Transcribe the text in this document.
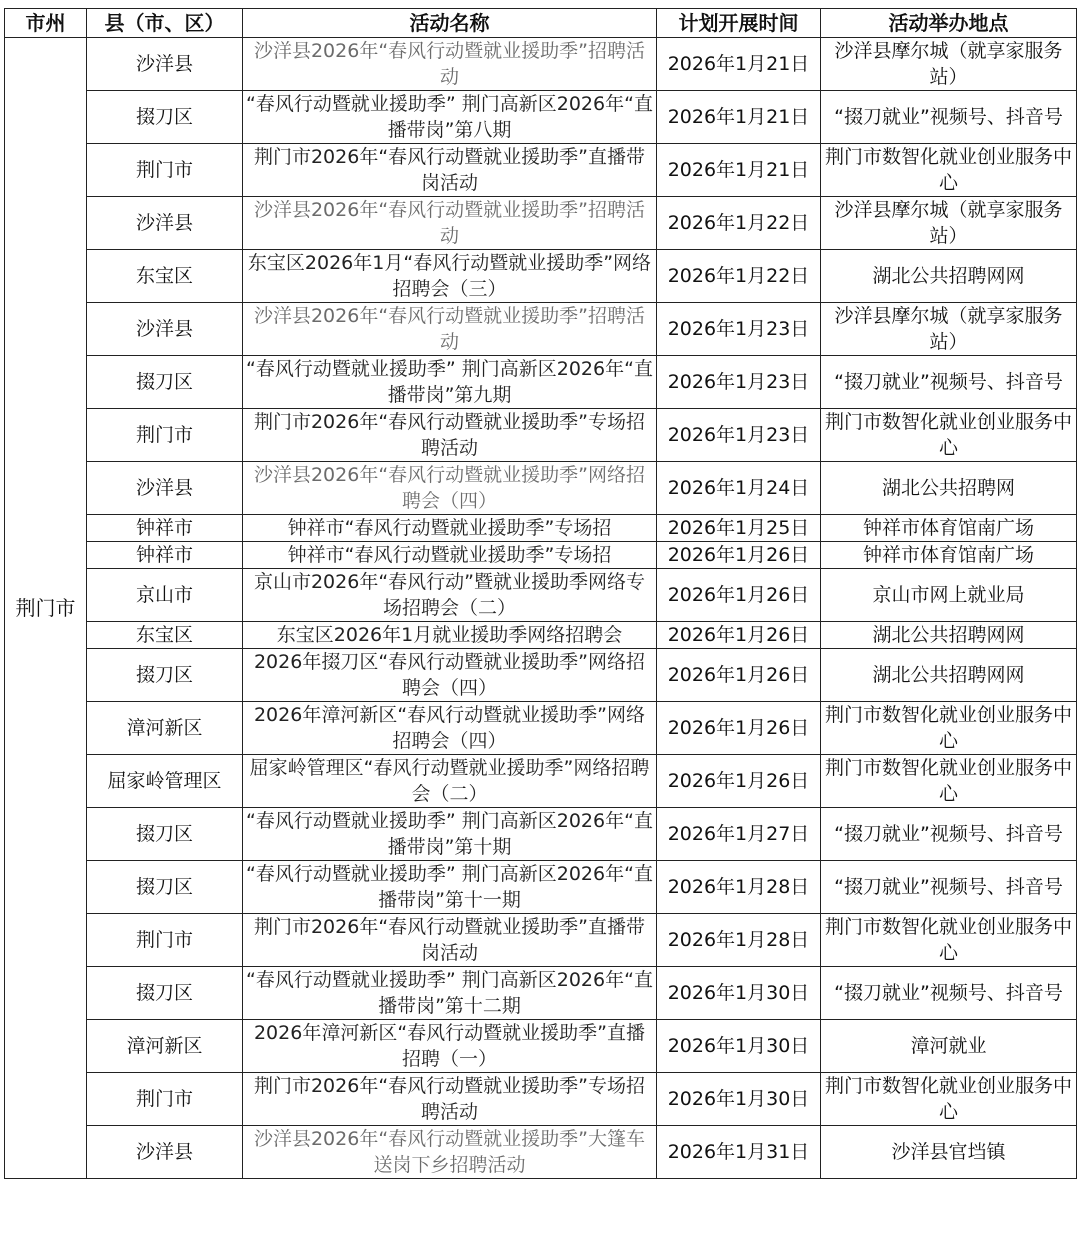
市州	县（市、区）	活动名称	计划开展时间	活动举办地点
荆门市	沙洋县	沙洋县2026年“春风行动暨就业援助季”招聘活动	2026年1月21日	沙洋县摩尔城（就享家服务站）
	掇刀区	“春风行动暨就业援助季” 荆门高新区2026年“直播带岗”第八期	2026年1月21日	“掇刀就业”视频号、抖音号
	荆门市	荆门市2026年“春风行动暨就业援助季”直播带岗活动	2026年1月21日	荆门市数智化就业创业服务中心
	沙洋县	沙洋县2026年“春风行动暨就业援助季”招聘活动	2026年1月22日	沙洋县摩尔城（就享家服务站）
	东宝区	东宝区2026年1月“春风行动暨就业援助季”网络招聘会（三）	2026年1月22日	湖北公共招聘网网
	沙洋县	沙洋县2026年“春风行动暨就业援助季”招聘活动	2026年1月23日	沙洋县摩尔城（就享家服务站）
	掇刀区	“春风行动暨就业援助季” 荆门高新区2026年“直播带岗”第九期	2026年1月23日	“掇刀就业”视频号、抖音号
	荆门市	荆门市2026年“春风行动暨就业援助季”专场招聘活动	2026年1月23日	荆门市数智化就业创业服务中心
	沙洋县	沙洋县2026年“春风行动暨就业援助季”网络招聘会（四）	2026年1月24日	湖北公共招聘网
	钟祥市	钟祥市“春风行动暨就业援助季”专场招	2026年1月25日	钟祥市体育馆南广场
	钟祥市	钟祥市“春风行动暨就业援助季”专场招	2026年1月26日	钟祥市体育馆南广场
	京山市	京山市2026年“春风行动”暨就业援助季网络专场招聘会（二）	2026年1月26日	京山市网上就业局
	东宝区	东宝区2026年1月就业援助季网络招聘会	2026年1月26日	湖北公共招聘网网
	掇刀区	2026年掇刀区“春风行动暨就业援助季”网络招聘会（四）	2026年1月26日	湖北公共招聘网网
	漳河新区	2026年漳河新区“春风行动暨就业援助季”网络招聘会（四）	2026年1月26日	荆门市数智化就业创业服务中心
	屈家岭管理区	屈家岭管理区“春风行动暨就业援助季”网络招聘会（二）	2026年1月26日	荆门市数智化就业创业服务中心
	掇刀区	“春风行动暨就业援助季” 荆门高新区2026年“直播带岗”第十期	2026年1月27日	“掇刀就业”视频号、抖音号
	掇刀区	“春风行动暨就业援助季” 荆门高新区2026年“直播带岗”第十一期	2026年1月28日	“掇刀就业”视频号、抖音号
	荆门市	荆门市2026年“春风行动暨就业援助季”直播带岗活动	2026年1月28日	荆门市数智化就业创业服务中心
	掇刀区	“春风行动暨就业援助季” 荆门高新区2026年“直播带岗”第十二期	2026年1月30日	“掇刀就业”视频号、抖音号
	漳河新区	2026年漳河新区“春风行动暨就业援助季”直播招聘（一）	2026年1月30日	漳河就业
	荆门市	荆门市2026年“春风行动暨就业援助季”专场招聘活动	2026年1月30日	荆门市数智化就业创业服务中心
	沙洋县	沙洋县2026年“春风行动暨就业援助季”大篷车送岗下乡招聘活动	2026年1月31日	沙洋县官垱镇
